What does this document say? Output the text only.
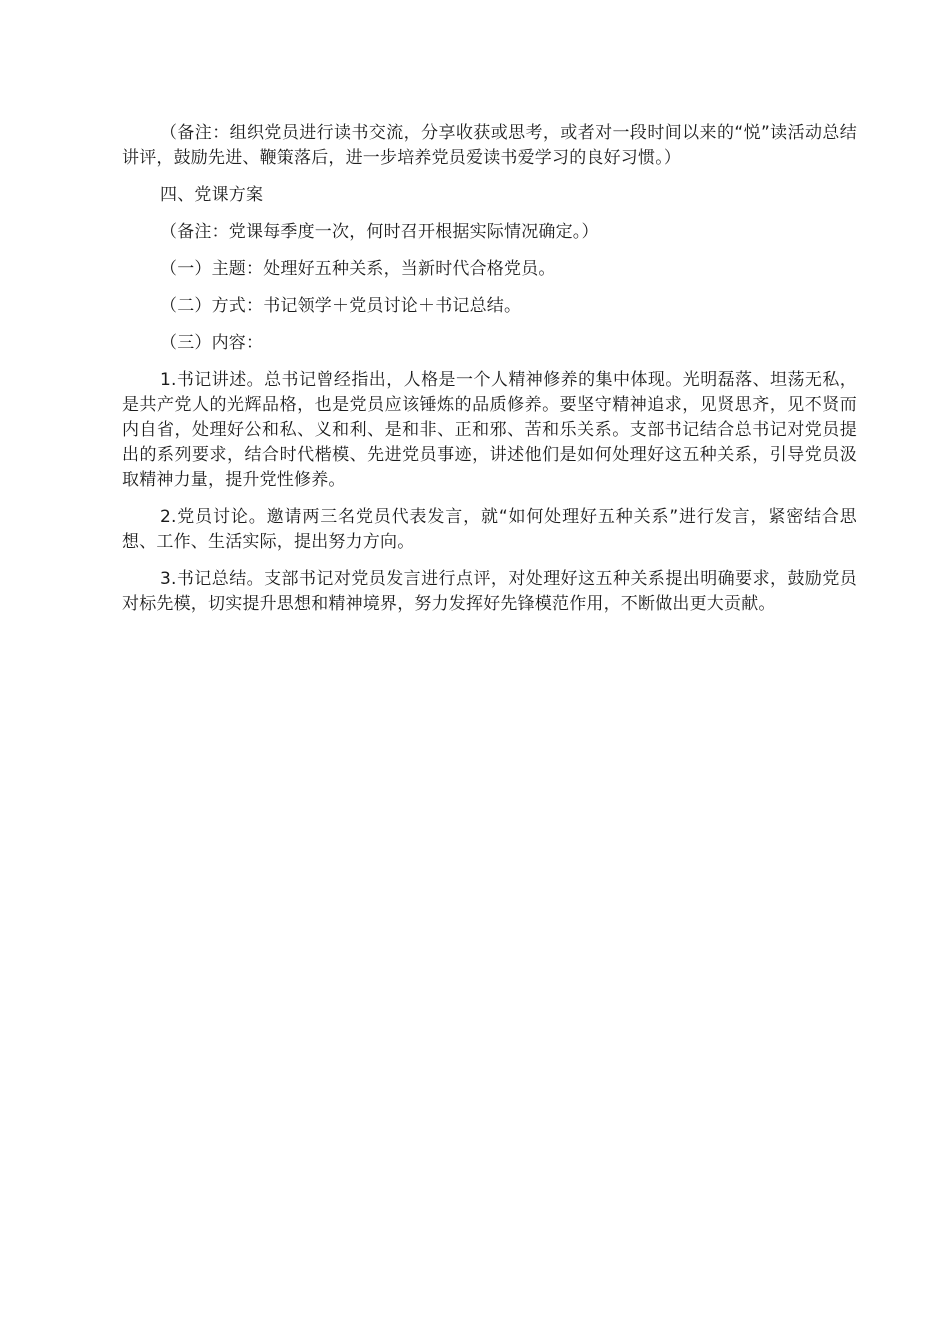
（备注：组织党员进行读书交流，分享收获或思考，或者对一段时间以来的“悦”读活动总结讲评，鼓励先进、鞭策落后，进一步培养党员爱读书爱学习的良好习惯。）

四、党课方案

（备注：党课每季度一次，何时召开根据实际情况确定。）

（一）主题：处理好五种关系，当新时代合格党员。

（二）方式：书记领学＋党员讨论＋书记总结。

（三）内容：

1.书记讲述。总书记曾经指出，人格是一个人精神修养的集中体现。光明磊落、坦荡无私，是共产党人的光辉品格，也是党员应该锤炼的品质修养。要坚守精神追求，见贤思齐，见不贤而内自省，处理好公和私、义和利、是和非、正和邪、苦和乐关系。支部书记结合总书记对党员提出的系列要求，结合时代楷模、先进党员事迹，讲述他们是如何处理好这五种关系，引导党员汲取精神力量，提升党性修养。

2.党员讨论。邀请两三名党员代表发言，就“如何处理好五种关系”进行发言，紧密结合思想、工作、生活实际，提出努力方向。

3.书记总结。支部书记对党员发言进行点评，对处理好这五种关系提出明确要求，鼓励党员对标先模，切实提升思想和精神境界，努力发挥好先锋模范作用，不断做出更大贡献。
